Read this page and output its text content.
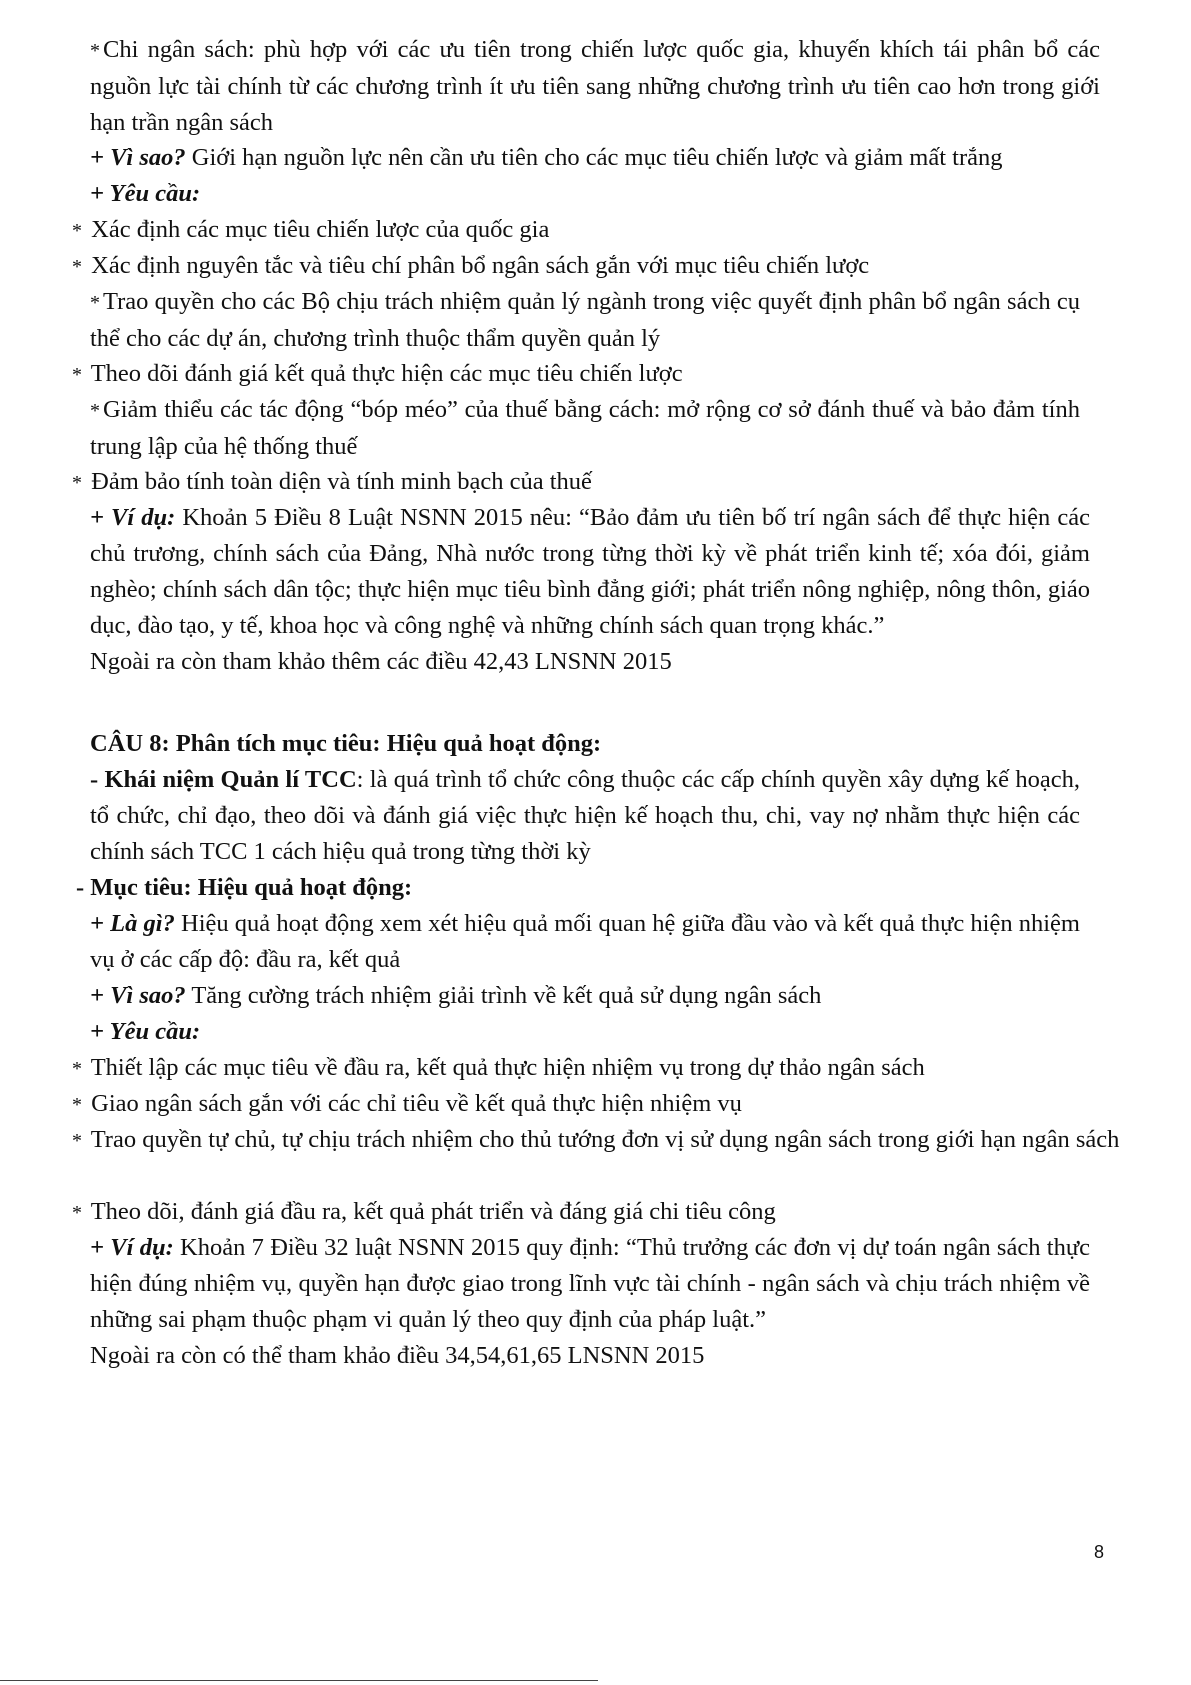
* Chi ngân sách: phù hợp với các ưu tiên trong chiến lược quốc gia, khuyến khích tái phân bổ các nguồn lực tài chính từ các chương trình ít ưu tiên sang những chương trình ưu tiên cao hơn trong giới hạn trần ngân sách
+ Vì sao? Giới hạn nguồn lực nên cần ưu tiên cho các mục tiêu chiến lược và giảm mất trắng
+ Yêu cầu:
* Xác định các mục tiêu chiến lược của quốc gia
* Xác định nguyên tắc và tiêu chí phân bổ ngân sách gắn với mục tiêu chiến lược
* Trao quyền cho các Bộ chịu trách nhiệm quản lý ngành trong việc quyết định phân bổ ngân sách cụ thể cho các dự án, chương trình thuộc thẩm quyền quản lý
* Theo dõi đánh giá kết quả thực hiện các mục tiêu chiến lược
* Giảm thiểu các tác động “bóp méo” của thuế bằng cách: mở rộng cơ sở đánh thuế và bảo đảm tính trung lập của hệ thống thuế
* Đảm bảo tính toàn diện và tính minh bạch của thuế
+ Ví dụ: Khoản 5 Điều 8 Luật NSNN 2015 nêu: “Bảo đảm ưu tiên bố trí ngân sách để thực hiện các chủ trương, chính sách của Đảng, Nhà nước trong từng thời kỳ về phát triển kinh tế; xóa đói, giảm nghèo; chính sách dân tộc; thực hiện mục tiêu bình đẳng giới; phát triển nông nghiệp, nông thôn, giáo dục, đào tạo, y tế, khoa học và công nghệ và những chính sách quan trọng khác.”
Ngoài ra còn tham khảo thêm các điều 42,43 LNSNN 2015
CÂU 8: Phân tích mục tiêu: Hiệu quả hoạt động:
- Khái niệm Quản lí TCC: là quá trình tổ chức công thuộc các cấp chính quyền xây dựng kế hoạch, tổ chức, chỉ đạo, theo dõi và đánh giá việc thực hiện kế hoạch thu, chi, vay nợ nhằm thực hiện các chính sách TCC 1 cách hiệu quả trong từng thời kỳ
- Mục tiêu: Hiệu quả hoạt động:
+ Là gì? Hiệu quả hoạt động xem xét hiệu quả mối quan hệ giữa đầu vào và kết quả thực hiện nhiệm vụ ở các cấp độ: đầu ra, kết quả
+ Vì sao? Tăng cường trách nhiệm giải trình về kết quả sử dụng ngân sách
+ Yêu cầu:
* Thiết lập các mục tiêu về đầu ra, kết quả thực hiện nhiệm vụ trong dự thảo ngân sách
* Giao ngân sách gắn với các chỉ tiêu về kết quả thực hiện nhiệm vụ
* Trao quyền tự chủ, tự chịu trách nhiệm cho thủ tướng đơn vị sử dụng ngân sách trong giới hạn ngân sách
* Theo dõi, đánh giá đầu ra, kết quả phát triển và đáng giá chi tiêu công
+ Ví dụ: Khoản 7 Điều 32 luật NSNN 2015 quy định: “Thủ trưởng các đơn vị dự toán ngân sách thực hiện đúng nhiệm vụ, quyền hạn được giao trong lĩnh vực tài chính - ngân sách và chịu trách nhiệm về những sai phạm thuộc phạm vi quản lý theo quy định của pháp luật.”
Ngoài ra còn có thể tham khảo điều 34,54,61,65 LNSNN 2015
8
